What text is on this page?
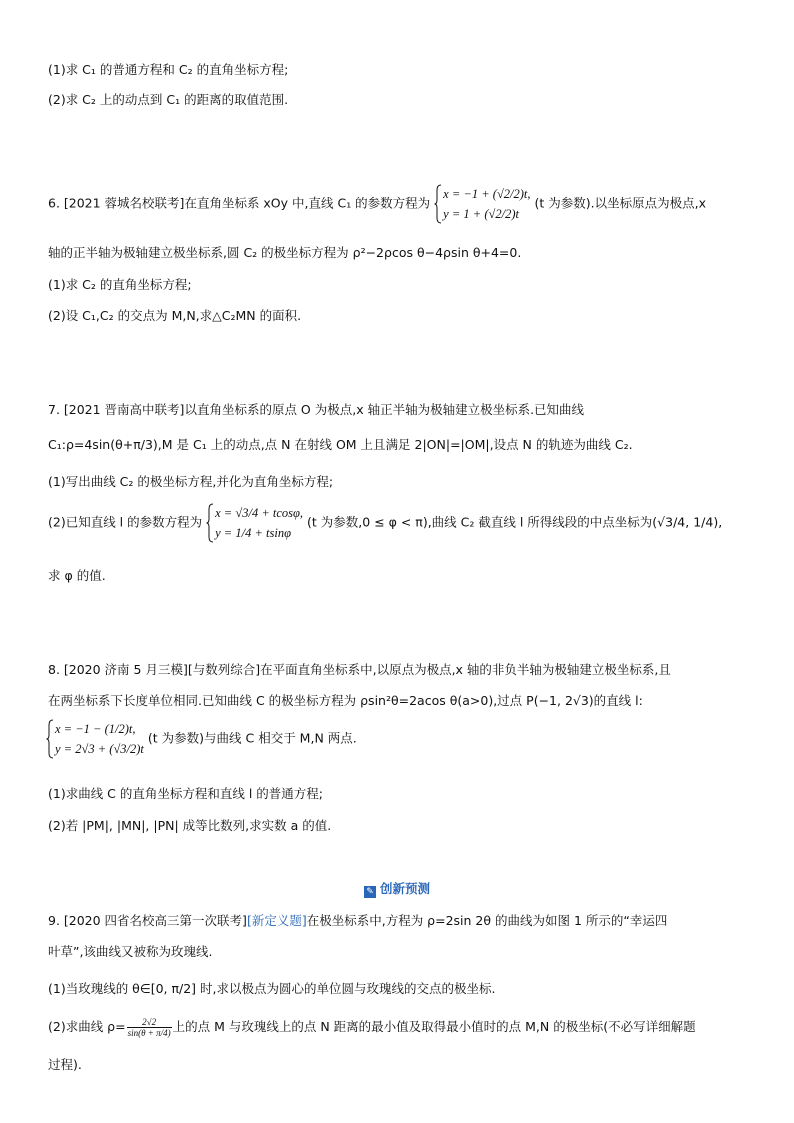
(1)求 C₁ 的普通方程和 C₂ 的直角坐标方程;
(2)求 C₂ 上的动点到 C₁ 的距离的取值范围.
6. [2021 蓉城名校联考]在直角坐标系 xOy 中,直线 C₁ 的参数方程为
x = −1 + (√2/2)t,
y = 1 + (√2/2)t
(t 为参数).以坐标原点为极点,x
轴的正半轴为极轴建立极坐标系,圆 C₂ 的极坐标方程为 ρ²−2ρcos θ−4ρsin θ+4=0.
(1)求 C₂ 的直角坐标方程;
(2)设 C₁,C₂ 的交点为 M,N,求△C₂MN 的面积.
7. [2021 晋南高中联考]以直角坐标系的原点 O 为极点,x 轴正半轴为极轴建立极坐标系.已知曲线
C₁:ρ=4sin(θ+π/3),M 是 C₁ 上的动点,点 N 在射线 OM 上且满足 2|ON|=|OM|,设点 N 的轨迹为曲线 C₂.
(1)写出曲线 C₂ 的极坐标方程,并化为直角坐标方程;
(2)已知直线 l 的参数方程为
x = √3/4 + tcosφ,
y = 1/4 + tsinφ
(t 为参数,0 ≤ φ < π),曲线 C₂ 截直线 l 所得线段的中点坐标为(√3/4, 1/4),
求 φ 的值.
8. [2020 济南 5 月三模][与数列综合]在平面直角坐标系中,以原点为极点,x 轴的非负半轴为极轴建立极坐标系,且
在两坐标系下长度单位相同.已知曲线 C 的极坐标方程为 ρsin²θ=2acos θ(a>0),过点 P(−1, 2√3)的直线 l:
x = −1 − (1/2)t,
y = 2√3 + (√3/2)t
(t 为参数)与曲线 C 相交于 M,N 两点.
(1)求曲线 C 的直角坐标方程和直线 l 的普通方程;
(2)若 |PM|, |MN|, |PN| 成等比数列,求实数 a 的值.
✎ 创新预测
9. [2020 四省名校高三第一次联考][新定义题]在极坐标系中,方程为 ρ=2sin 2θ 的曲线为如图 1 所示的“幸运四
叶草”,该曲线又被称为玫瑰线.
(1)当玫瑰线的 θ∈[0, π/2] 时,求以极点为圆心的单位圆与玫瑰线的交点的极坐标.
(2)求曲线 $\rho= \frac{2√2}{\sin(\theta + \pi/4)}$ 上的点 M 与玫瑰线上的点 N 距离的最小值及取得最小值时的点 M,N 的极坐标(不必写详细解题
过程).
